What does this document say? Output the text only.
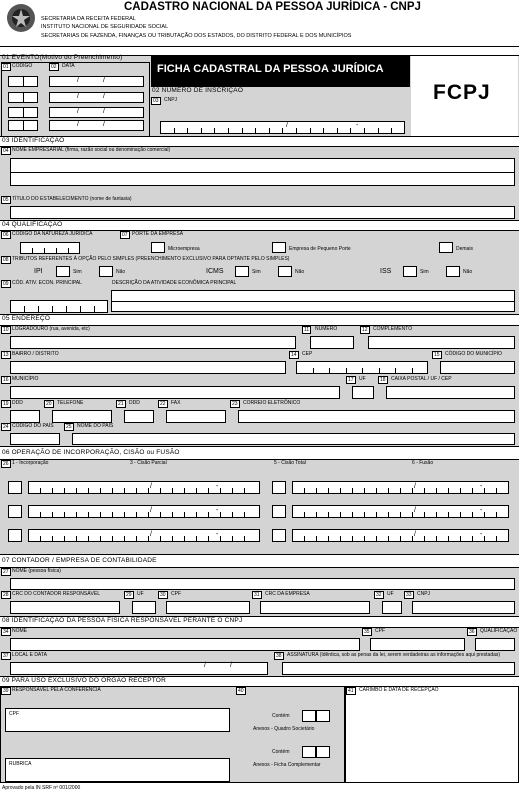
CADASTRO NACIONAL DA PESSOA JURÍDICA - CNPJ
SECRETARIA DA RECEITA FEDERAL
INSTITUTO NACIONAL DE SEGURIDADE SOCIAL
SECRETARIAS DE FAZENDA, FINANÇAS OU TRIBUTAÇÃO DOS ESTADOS, DO DISTRITO FEDERAL E DOS MUNICÍPIOS
01 EVENTO(Motivo do Preenchimento)
01 CÓDIGO	02	DATA
/	/
/	/
/	/
/	/
FICHA CADASTRAL DA PESSOA JURÍDICA
FCPJ
02 NÚMERO DE INSCRIÇÃO
03	CNPJ
/	-
03 IDENTIFICAÇÃO
04 NOME EMPRESARIAL (firma, razão social ou denominação comercial)
05 TÍTULO DO ESTABELECIMENTO (nome de fantasia)
04 QUALIFICAÇÃO
06 CÓDIGO DA NATUREZA JURÍDICA	07 PORTE DA EMPRESA
Microempresa	Empresa de Pequeno Porte	Demais
08 TRIBUTOS REFERENTES À OPÇÃO PELO SIMPLES (PREENCHIMENTO EXCLUSIVO PARA OPTANTE PELO SIMPLES)
IPI	Sim	Não	ICMS	Sim	Não	ISS	Sim	Não
09 CÓD. ATIV. ECON. PRINCIPAL	DESCRIÇÃO DA ATIVIDADE ECONÔMICA PRINCIPAL
05 ENDEREÇO
10 LOGRADOURO (rua, avenida, etc)	11	NÚMERO	12	COMPLEMENTO
13 BAIRRO / DISTRITO	14	CEP	15	CÓDIGO DO MUNICÍPIO
16 MUNICÍPIO	17	UF	18	CAIXA POSTAL / UF / CEP
19 DDD	20	TELEFONE	21	DDD	22	FAX	23	CORREIO ELETRÔNICO
24 CÓDIGO DO PAÍS	25	NOME DO PAÍS
06 OPERAÇÃO DE INCORPORAÇÃO, CISÃO ou FUSÃO
26 1 - Incorporação	3 - Cisão Parcial	5 - Cisão Total	6 - Fusão
/	-	/	-
/	-	/	-
/	-	/	-
07 CONTADOR / EMPRESA DE CONTABILIDADE
27 NOME (pessoa física)
28 CRC DO CONTADOR RESPONSÁVEL	29	UF	30	CPF	31	CRC DA EMPRESA	32	UF	33	CNPJ
08 IDENTIFICAÇÃO DA PESSOA FÍSICA RESPONSÁVEL PERANTE O CNPJ
34 NOME	35	CPF	36	QUALIFICAÇÃO
37 LOCAL E DATA
/	/
38	ASSINATURA (Idêntica, sob as penas da lei, serem verdadeiras as informações aqui prestadas)
09 PARA USO EXCLUSIVO DO ÓRGÃO RECEPTOR
39 RESPONSÁVEL PELA CONFERÊNCIA
CPF
RUBRICA
40
Contém
Anexos - Quadro Societário
Contém
Anexos - Ficha Complementar
41	CARIMBO E DATA DE RECEPÇÃO
Aprovado pela IN SRF nº 001/2000
